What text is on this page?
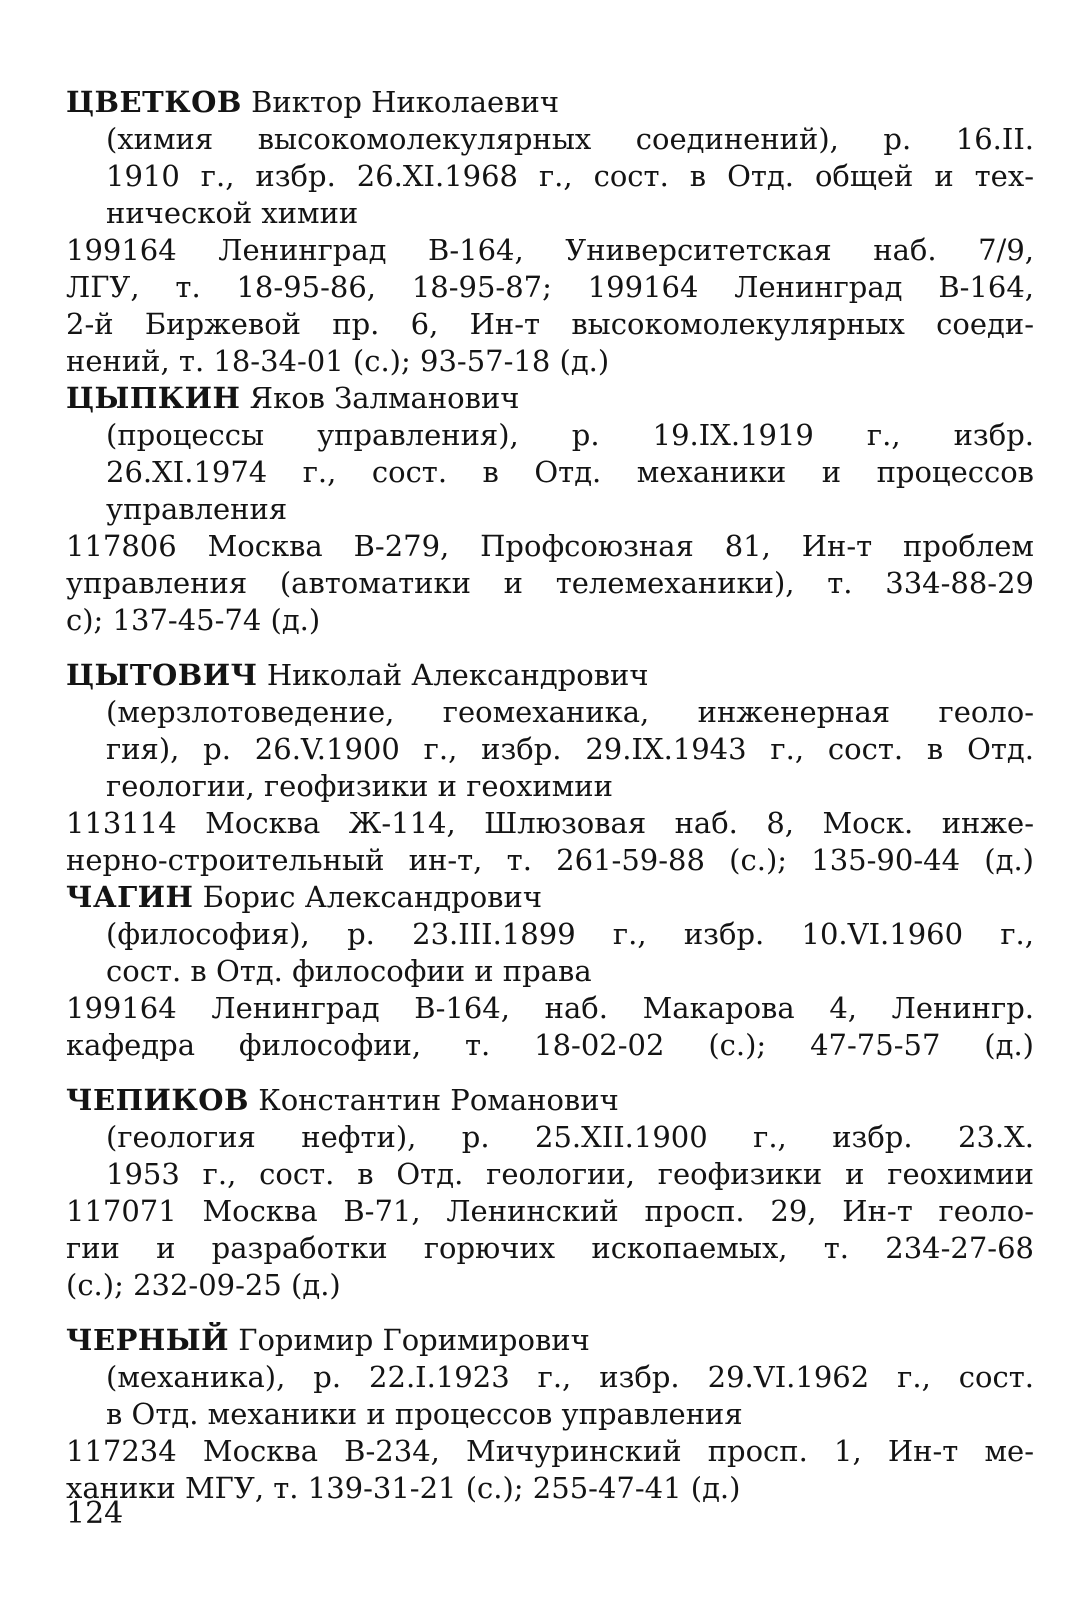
ЦВЕТКОВ Виктор Николаевич
(химия высокомолекулярных соединений), р. 16.II.
1910 г., избр. 26.XI.1968 г., сост. в Отд. общей и тех-
нической химии
199164 Ленинград В-164, Университетская наб. 7/9,
ЛГУ, т. 18-95-86, 18-95-87; 199164 Ленинград В-164,
2-й Биржевой пр. 6, Ин-т высокомолекулярных соеди-
нений, т. 18-34-01 (с.); 93-57-18 (д.)
ЦЫПКИН Яков Залманович
(процессы управления), р. 19.IX.1919 г., избр.
26.XI.1974 г., сост. в Отд. механики и процессов
управления
117806 Москва В-279, Профсоюзная 81, Ин-т проблем
управления (автоматики и телемеханики), т. 334-88-29
с); 137-45-74 (д.)
ЦЫТОВИЧ Николай Александрович
(мерзлотоведение, геомеханика, инженерная геоло-
гия), р. 26.V.1900 г., избр. 29.IX.1943 г., сост. в Отд.
геологии, геофизики и геохимии
113114 Москва Ж-114, Шлюзовая наб. 8, Моск. инже-
нерно-строительный ин-т, т. 261-59-88 (с.); 135-90-44 (д.)
ЧАГИН Борис Александрович
(философия), р. 23.III.1899 г., избр. 10.VI.1960 г.,
сост. в Отд. философии и права
199164 Ленинград В-164, наб. Макарова 4, Ленингр.
кафедра философии, т. 18-02-02 (с.); 47-75-57 (д.)
ЧЕПИКОВ Константин Романович
(геология нефти), р. 25.XII.1900 г., избр. 23.X.
1953 г., сост. в Отд. геологии, геофизики и геохимии
117071 Москва В-71, Ленинский просп. 29, Ин-т геоло-
гии и разработки горючих ископаемых, т. 234-27-68
(с.); 232-09-25 (д.)
ЧЕРНЫЙ Горимир Горимирович
(механика), р. 22.I.1923 г., избр. 29.VI.1962 г., сост.
в Отд. механики и процессов управления
117234 Москва В-234, Мичуринский просп. 1, Ин-т ме-
ханики МГУ, т. 139-31-21 (с.); 255-47-41 (д.)
124
